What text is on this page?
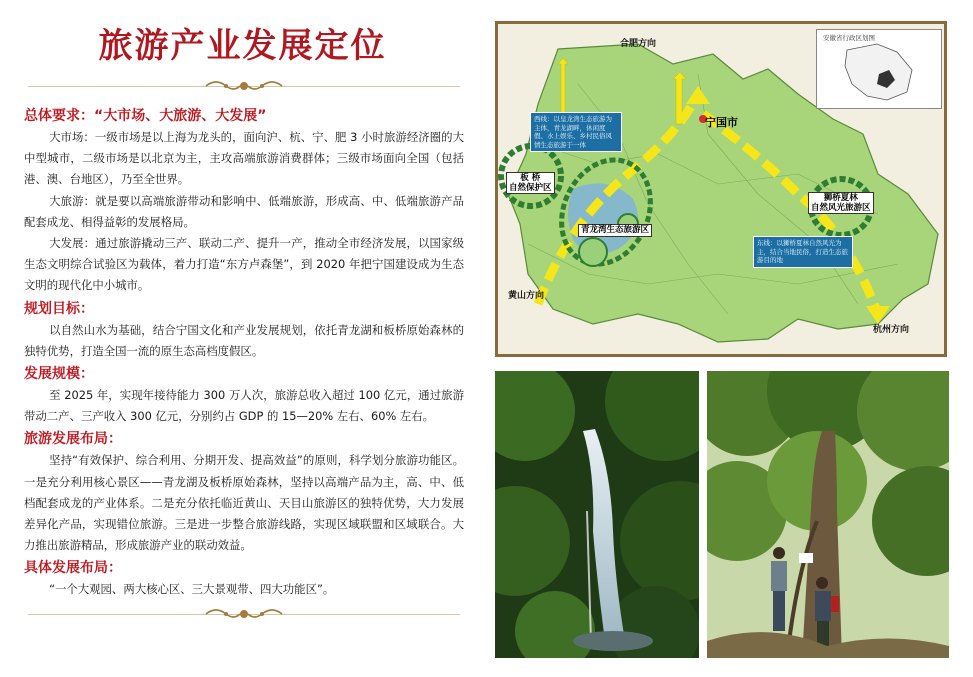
旅游产业发展定位
总体要求：“大市场、大旅游、大发展”
大市场：一级市场是以上海为龙头的，面向沪、杭、宁、肥 3 小时旅游经济圈的大中型城市，二级市场是以北京为主，主攻高端旅游消费群体；三级市场面向全国（包括港、澳、台地区），乃至全世界。
大旅游：就是要以高端旅游带动和影响中、低端旅游，形成高、中、低端旅游产品配套成龙、相得益彰的发展格局。
大发展：通过旅游撬动三产、联动二产、提升一产，推动全市经济发展，以国家级生态文明综合试验区为载体，着力打造“东方卢森堡”，到 2020 年把宁国建设成为生态文明的现代化中小城市。
规划目标：
以自然山水为基础，结合宁国文化和产业发展规划，依托青龙湖和板桥原始森林的独特优势，打造全国一流的原生态高档度假区。
发展规模：
至 2025 年，实现年接待能力 300 万人次，旅游总收入超过 100 亿元，通过旅游带动二产、三产收入 300 亿元，分别约占 GDP 的 15—20% 左右、60% 左右。
旅游发展布局：
坚持“有效保护、综合利用、分期开发、提高效益”的原则，科学划分旅游功能区。一是充分利用核心景区——青龙湖及板桥原始森林，坚持以高端产品为主，高、中、低档配套成龙的产业体系。二是充分依托临近黄山、天目山旅游区的独特优势，大力发展差异化产品，实现错位旅游。三是进一步整合旅游线路，实现区域联盟和区域联合。大力推出旅游精品，形成旅游产业的联动效益。
具体发展布局：
“一个大观园、两大核心区、三大景观带、四大功能区”。
安徽省行政区划图
合肥方向
黄山方向
杭州方向
宁国市
板 桥
自然保护区
青龙湾生态旅游区
狮桥夏林
自然风光旅游区
西线：以皇龙湾生态旅游为主体，青龙湖畔，休闲度假、水上娱乐、乡村民俗风情生态旅游于一体
东线：以狮桥夏林自然风光为主，结合当地民俗，打造生态旅游目的地
